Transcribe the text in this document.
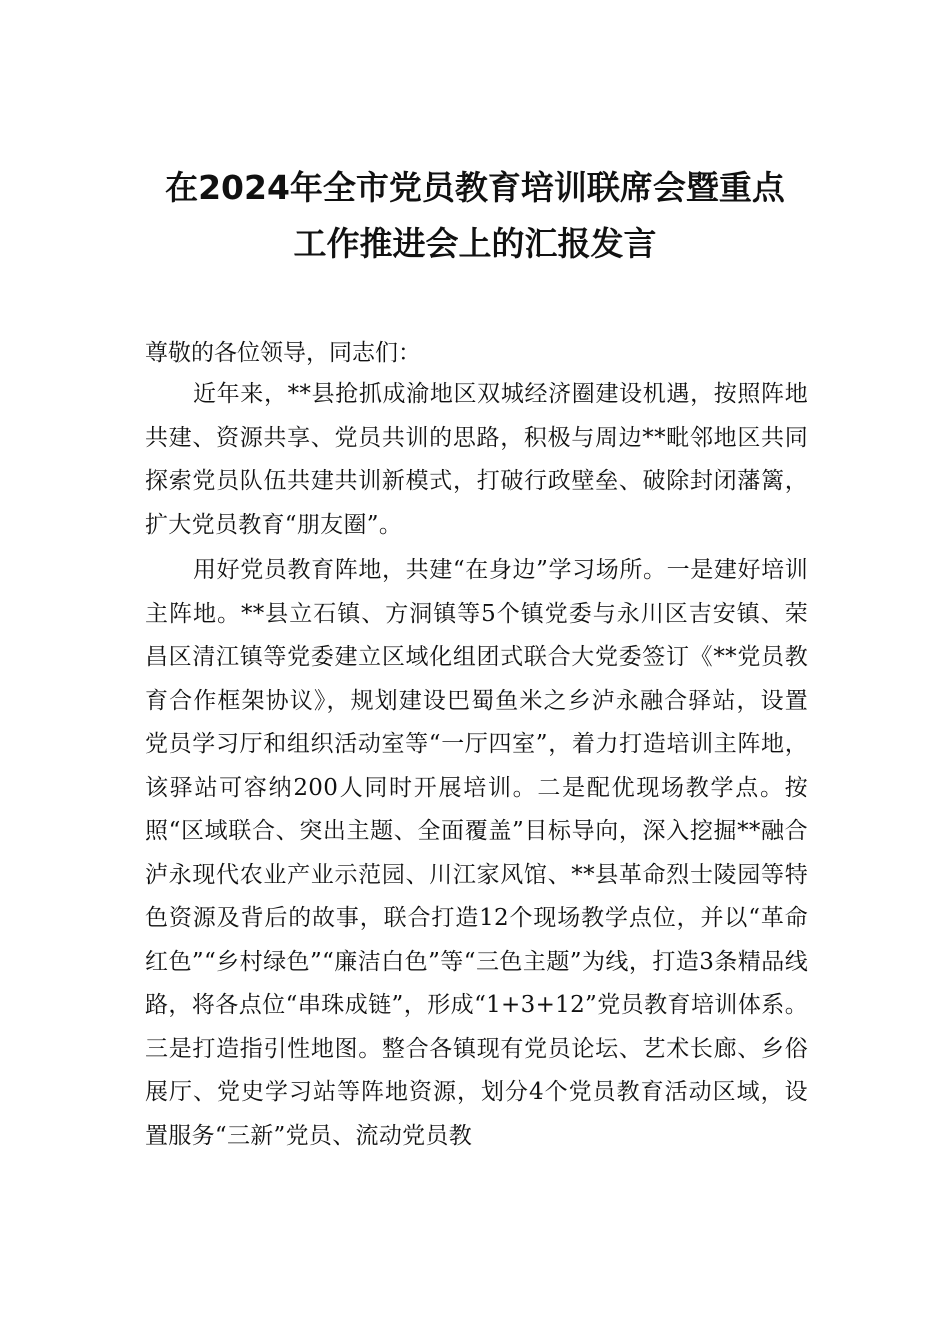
在2024年全市党员教育培训联席会暨重点
工作推进会上的汇报发言

尊敬的各位领导，同志们：

近年来，**县抢抓成渝地区双城经济圈建设机遇，按照阵地共建、资源共享、党员共训的思路，积极与周边**毗邻地区共同探索党员队伍共建共训新模式，打破行政壁垒、破除封闭藩篱，扩大党员教育“朋友圈”。

用好党员教育阵地，共建“在身边”学习场所。一是建好培训主阵地。**县立石镇、方洞镇等5个镇党委与永川区吉安镇、荣昌区清江镇等党委建立区域化组团式联合大党委签订《**党员教育合作框架协议》，规划建设巴蜀鱼米之乡泸永融合驿站，设置党员学习厅和组织活动室等“一厅四室”，着力打造培训主阵地，该驿站可容纳200人同时开展培训。二是配优现场教学点。按照“区域联合、突出主题、全面覆盖”目标导向，深入挖掘**融合泸永现代农业产业示范园、川江家风馆、**县革命烈士陵园等特色资源及背后的故事，联合打造12个现场教学点位，并以“革命红色”“乡村绿色”“廉洁白色”等“三色主题”为线，打造3条精品线路，将各点位“串珠成链”，形成“1+3+12”党员教育培训体系。三是打造指引性地图。整合各镇现有党员论坛、艺术长廊、乡俗展厅、党史学习站等阵地资源，划分4个党员教育活动区域，设置服务“三新”党员、流动党员教
